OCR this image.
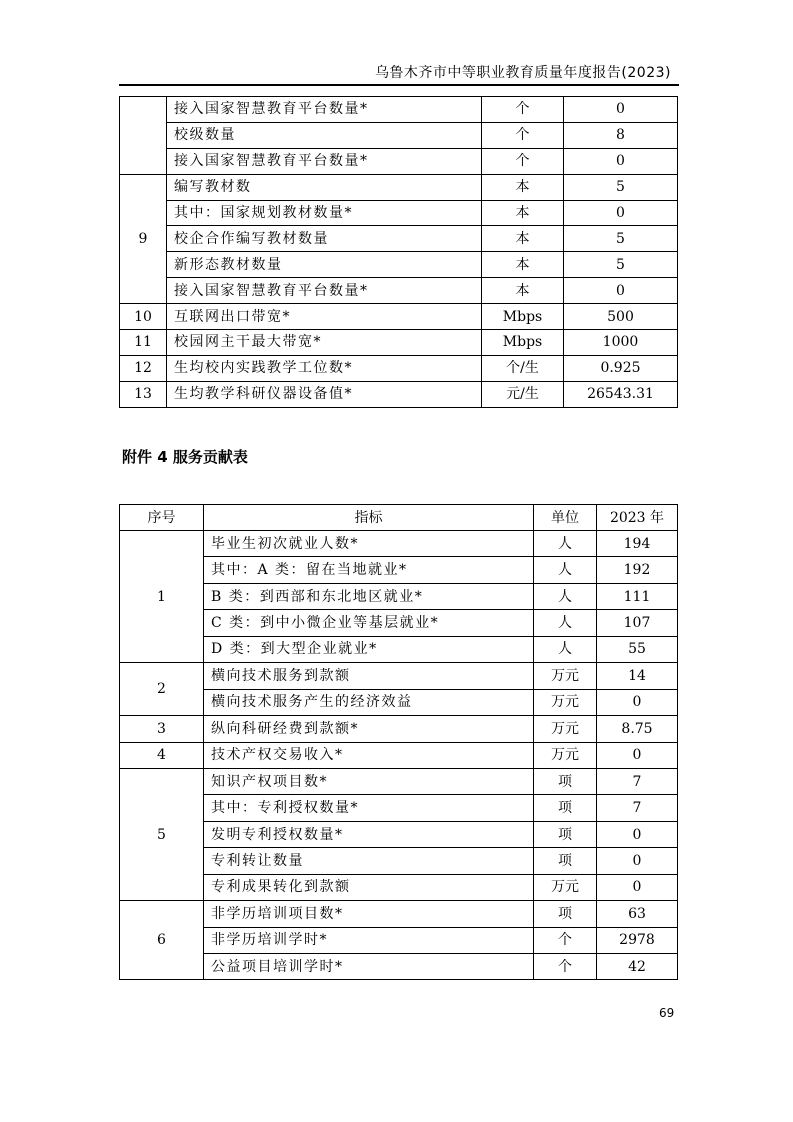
乌鲁木齐市中等职业教育质量年度报告(2023)
	接入国家智慧教育平台数量*	个	0
	校级数量	个	8
	接入国家智慧教育平台数量*	个	0
9	编写教材数	本	5
	其中：国家规划教材数量*	本	0
	校企合作编写教材数量	本	5
	新形态教材数量	本	5
	接入国家智慧教育平台数量*	本	0
10	互联网出口带宽*	Mbps	500
11	校园网主干最大带宽*	Mbps	1000
12	生均校内实践教学工位数*	个/生	0.925
13	生均教学科研仪器设备值*	元/生	26543.31
附件 4 服务贡献表
序号	指标	单位	2023 年
1	毕业生初次就业人数*	人	194
	其中：A 类：留在当地就业*	人	192
	B 类：到西部和东北地区就业*	人	111
	C 类：到中小微企业等基层就业*	人	107
	D 类：到大型企业就业*	人	55
2	横向技术服务到款额	万元	14
	横向技术服务产生的经济效益	万元	0
3	纵向科研经费到款额*	万元	8.75
4	技术产权交易收入*	万元	0
5	知识产权项目数*	项	7
	其中：专利授权数量*	项	7
	发明专利授权数量*	项	0
	专利转让数量	项	0
	专利成果转化到款额	万元	0
6	非学历培训项目数*	项	63
	非学历培训学时*	个	2978
	公益项目培训学时*	个	42
69
